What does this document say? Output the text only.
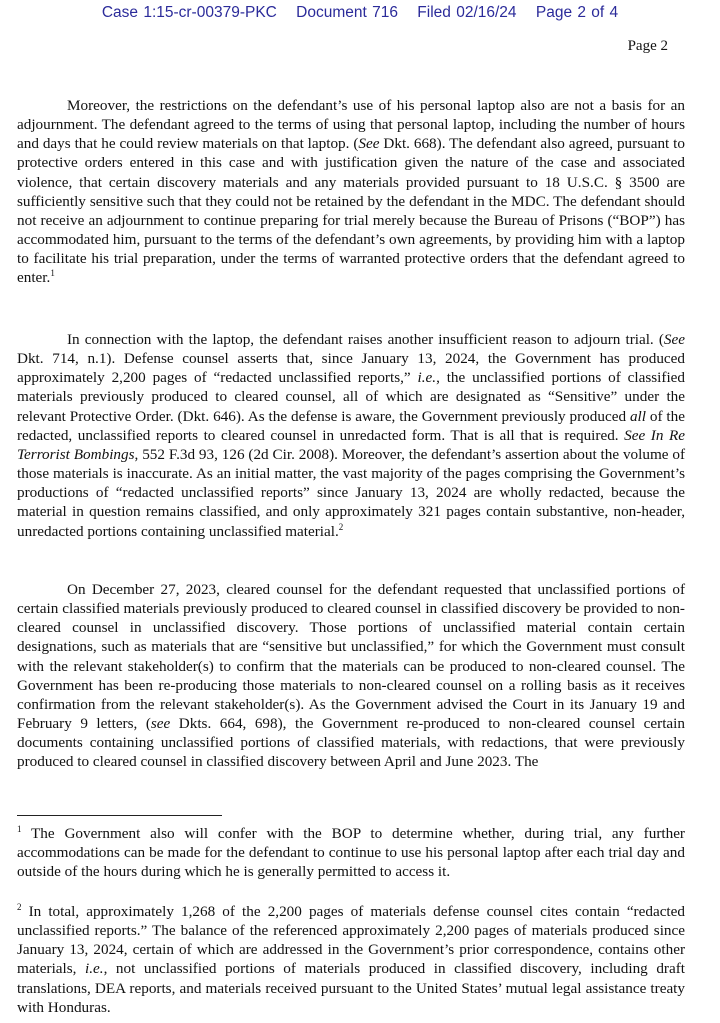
Case 1:15-cr-00379-PKC Document 716 Filed 02/16/24 Page 2 of 4
Page 2

Moreover, the restrictions on the defendant’s use of his personal laptop also are not a basis for an adjournment. The defendant agreed to the terms of using that personal laptop, including the number of hours and days that he could review materials on that laptop. (See Dkt. 668). The defendant also agreed, pursuant to protective orders entered in this case and with justification given the nature of the case and associated violence, that certain discovery materials and any materials provided pursuant to 18 U.S.C. § 3500 are sufficiently sensitive such that they could not be retained by the defendant in the MDC. The defendant should not receive an adjournment to continue preparing for trial merely because the Bureau of Prisons (“BOP”) has accommodated him, pursuant to the terms of the defendant’s own agreements, by providing him with a laptop to facilitate his trial preparation, under the terms of warranted protective orders that the defendant agreed to enter.$^1$

In connection with the laptop, the defendant raises another insufficient reason to adjourn trial. (See Dkt. 714, n.1). Defense counsel asserts that, since January 13, 2024, the Government has produced approximately 2,200 pages of “redacted unclassified reports,” i.e., the unclassified portions of classified materials previously produced to cleared counsel, all of which are designated as “Sensitive” under the relevant Protective Order. (Dkt. 646). As the defense is aware, the Government previously produced all of the redacted, unclassified reports to cleared counsel in unredacted form. That is all that is required. See In Re Terrorist Bombings, 552 F.3d 93, 126 (2d Cir. 2008). Moreover, the defendant’s assertion about the volume of those materials is inaccurate. As an initial matter, the vast majority of the pages comprising the Government’s productions of “redacted unclassified reports” since January 13, 2024 are wholly redacted, because the material in question remains classified, and only approximately 321 pages contain substantive, non-header, unredacted portions containing unclassified material.$^2$

On December 27, 2023, cleared counsel for the defendant requested that unclassified portions of certain classified materials previously produced to cleared counsel in classified discovery be provided to non-cleared counsel in unclassified discovery. Those portions of unclassified material contain certain designations, such as materials that are “sensitive but unclassified,” for which the Government must consult with the relevant stakeholder(s) to confirm that the materials can be produced to non-cleared counsel. The Government has been re-producing those materials to non-cleared counsel on a rolling basis as it receives confirmation from the relevant stakeholder(s). As the Government advised the Court in its January 19 and February 9 letters, (see Dkts. 664, 698), the Government re-produced to non-cleared counsel certain documents containing unclassified portions of classified materials, with redactions, that were previously produced to cleared counsel in classified discovery between April and June 2023. The

$^1$ The Government also will confer with the BOP to determine whether, during trial, any further accommodations can be made for the defendant to continue to use his personal laptop after each trial day and outside of the hours during which he is generally permitted to access it.

$^2$ In total, approximately 1,268 of the 2,200 pages of materials defense counsel cites contain “redacted unclassified reports.” The balance of the referenced approximately 2,200 pages of materials produced since January 13, 2024, certain of which are addressed in the Government’s prior correspondence, contains other materials, i.e., not unclassified portions of materials produced in classified discovery, including draft translations, DEA reports, and materials received pursuant to the United States’ mutual legal assistance treaty with Honduras.
